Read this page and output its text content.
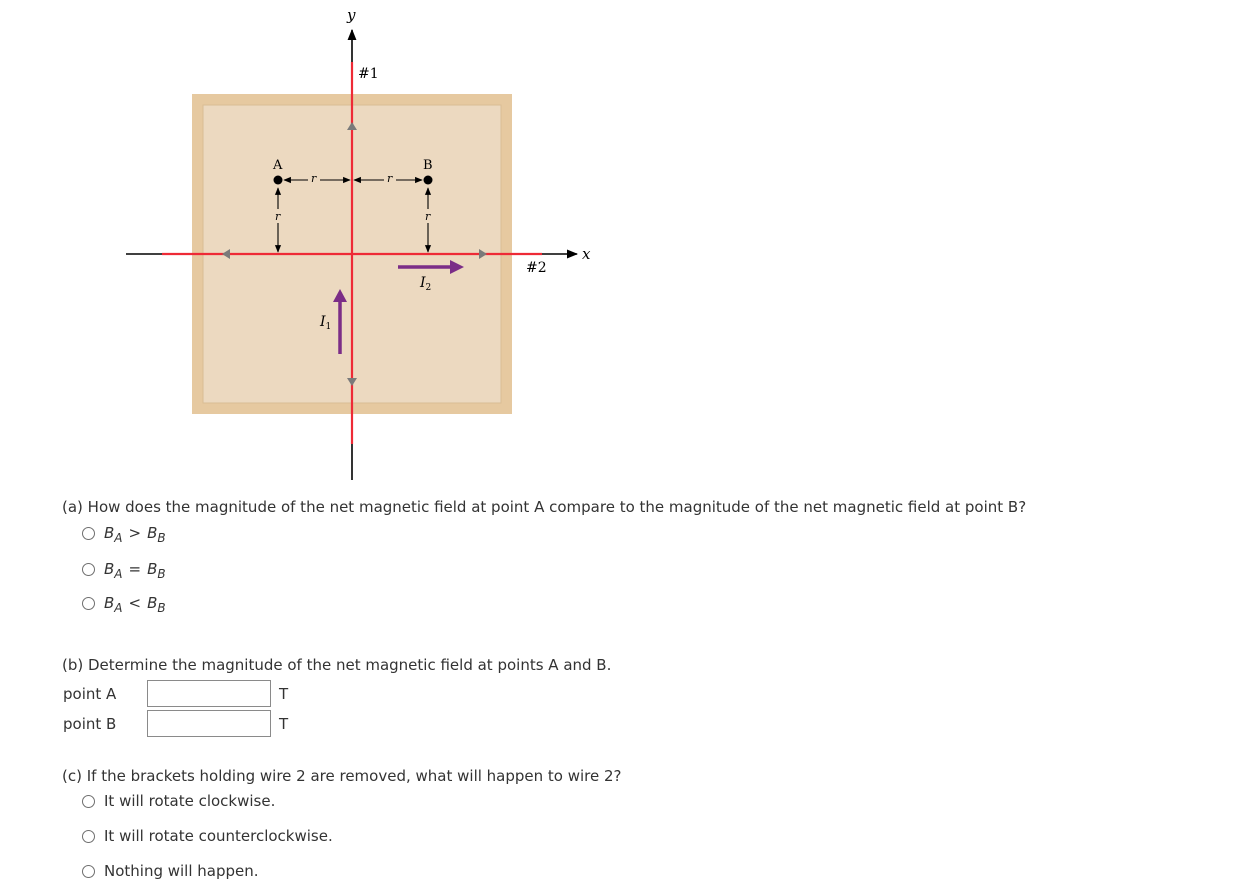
y
x
#1
#2
A	B
r	r
r	r
$I_1$
$I_2$
(a) How does the magnitude of the net magnetic field at point A compare to the magnitude of the net magnetic field at point B?
B A > B B
B A = B B
B A < B B
(b) Determine the magnitude of the net magnetic field at points A and B.
point A	T
point B	T
(c) If the brackets holding wire 2 are removed, what will happen to wire 2?
It will rotate clockwise.
It will rotate counterclockwise.
Nothing will happen.
